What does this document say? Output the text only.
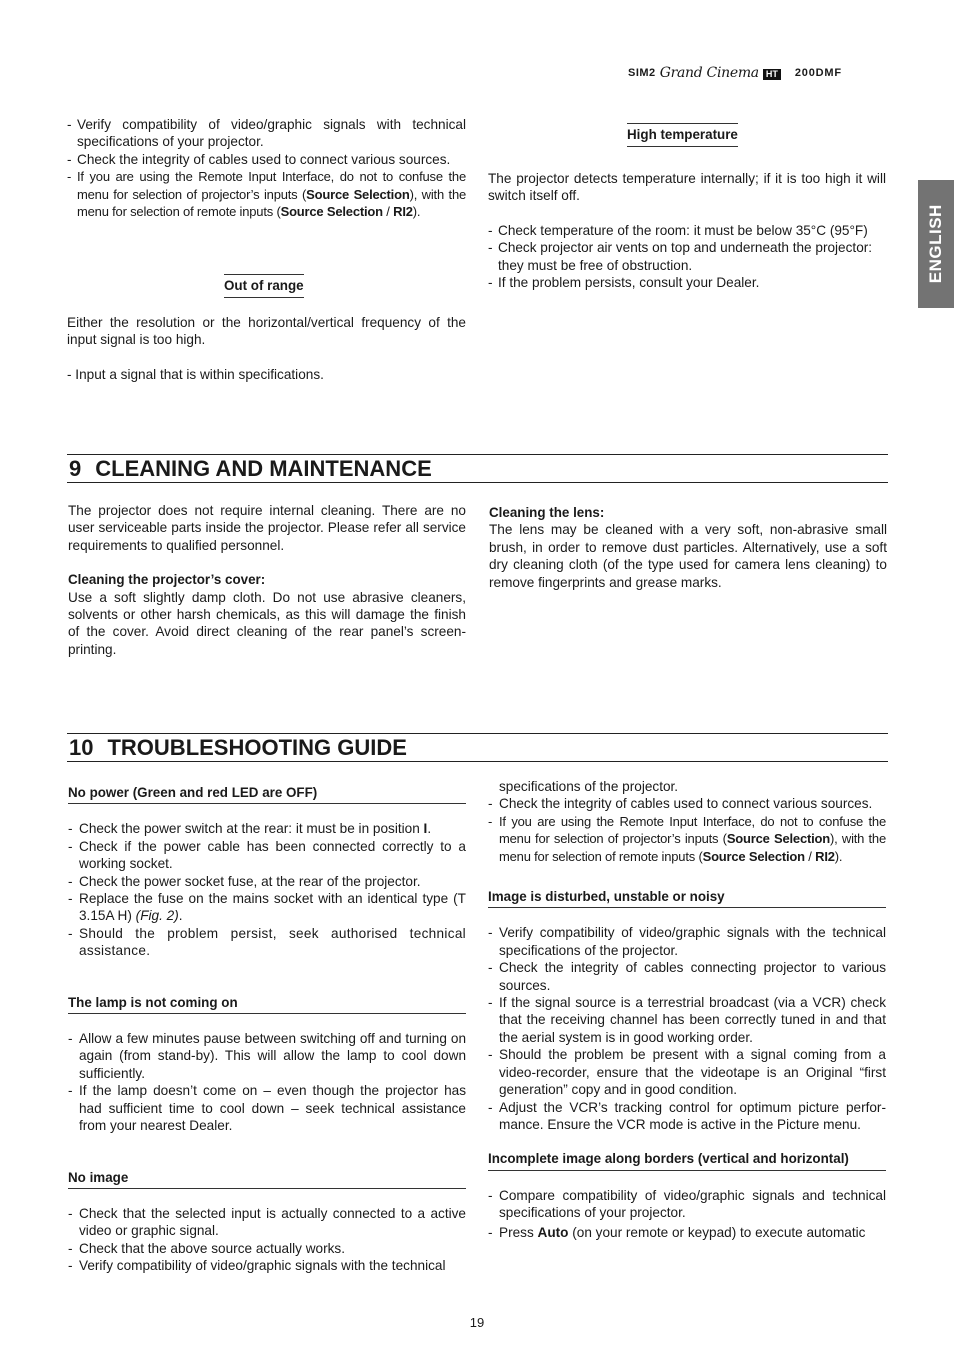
SIM2 Grand Cinema HT 200DMF
ENGLISH
- Verify compatibility of video/graphic signals with technical specifications of your projector.
- Check the integrity of cables used to connect various sources.
- If you are using the Remote Input Interface, do not to confuse the menu for selection of projector’s inputs (Source Selection), with the menu for selection of remote inputs (Source Selection / RI2).
Out of range
Either the resolution or the horizontal/vertical frequency of the input signal is too high.
- Input a signal that is within specifications.
High temperature
The projector detects temperature internally; if it is too high it will switch itself off.
- Check temperature of the room: it must be below 35°C (95°F)
- Check projector air vents on top and underneath the projector: they must be free of obstruction.
- If the problem persists, consult your Dealer.
9 CLEANING AND MAINTENANCE
The projector does not require internal cleaning. There are no user serviceable parts inside the projector. Please refer all service requirements to qualified personnel.
Cleaning the projector’s cover:
Use a soft slightly damp cloth. Do not use abrasive cleaners, solvents or other harsh chemicals, as this will damage the finish of the cover. Avoid direct cleaning of the rear panel’s screen-printing.
Cleaning the lens:
The lens may be cleaned with a very soft, non-abrasive small brush, in order to remove dust particles. Alternatively, use a soft dry cleaning cloth (of the type used for camera lens cleaning) to remove fingerprints and grease marks.
10 TROUBLESHOOTING GUIDE
No power (Green and red LED are OFF)
- Check the power switch at the rear: it must be in position I.
- Check if the power cable has been connected correctly to a working socket.
- Check the power socket fuse, at the rear of the projector.
- Replace the fuse on the mains socket with an identical type (T 3.15A H) (Fig. 2).
- Should the problem persist, seek authorised technical assistance.
The lamp is not coming on
- Allow a few minutes pause between switching off and turning on again (from stand-by). This will allow the lamp to cool down sufficiently.
- If the lamp doesn’t come on – even though the projector has had sufficient time to cool down – seek technical assistance from your nearest Dealer.
No image
- Check that the selected input is actually connected to a active video or graphic signal.
- Check that the above source actually works.
- Verify compatibility of video/graphic signals with the technical
specifications of the projector.
- Check the integrity of cables used to connect various sources.
- If you are using the Remote Input Interface, do not to confuse the menu for selection of projector’s inputs (Source Selection), with the menu for selection of remote inputs (Source Selection / RI2).
Image is disturbed, unstable or noisy
- Verify compatibility of video/graphic signals with the technical specifications of the projector.
- Check the integrity of cables connecting projector to various sources.
- If the signal source is a terrestrial broadcast (via a VCR) check that the receiving channel has been correctly tuned in and that the aerial system is in good working order.
- Should the problem be present with a signal coming from a video-recorder, ensure that the videotape is an Original “first generation” copy and in good condition.
- Adjust the VCR’s tracking control for optimum picture perfor-mance. Ensure the VCR mode is active in the Picture menu.
Incomplete image along borders (vertical and horizontal)
- Compare compatibility of video/graphic signals and technical specifications of your projector.
- Press Auto (on your remote or keypad) to execute automatic
19
